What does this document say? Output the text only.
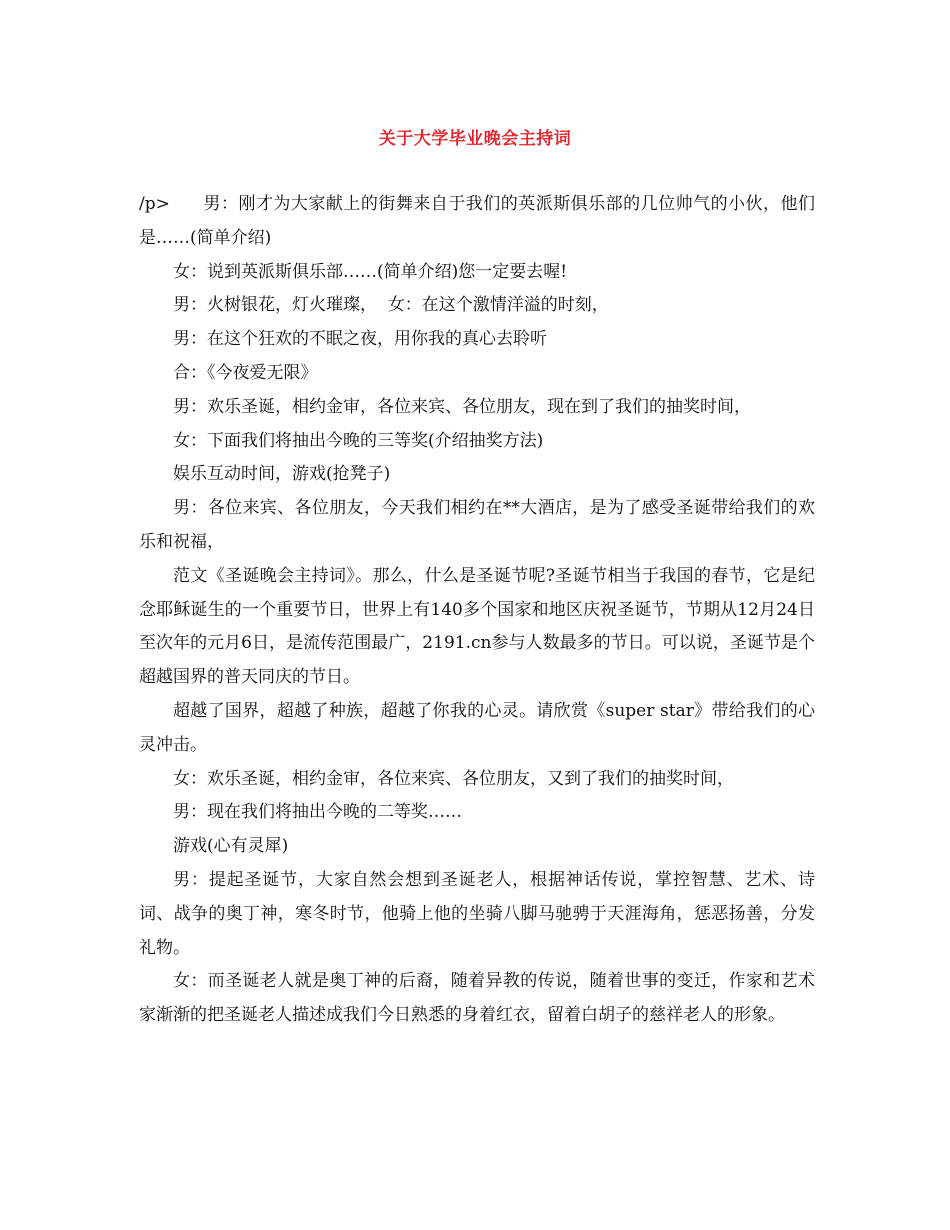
关于大学毕业晚会主持词

/p> 男：刚才为大家献上的街舞来自于我们的英派斯俱乐部的几位帅气的小伙，他们是……(简单介绍)

女：说到英派斯俱乐部……(简单介绍)您一定要去喔!

男：火树银花，灯火璀璨，  女：在这个激情洋溢的时刻，

男：在这个狂欢的不眠之夜，用你我的真心去聆听

合：《今夜爱无限》

男：欢乐圣诞，相约金审，各位来宾、各位朋友，现在到了我们的抽奖时间，

女：下面我们将抽出今晚的三等奖(介绍抽奖方法)

娱乐互动时间，游戏(抢凳子)

男：各位来宾、各位朋友，今天我们相约在**大酒店，是为了感受圣诞带给我们的欢乐和祝福，

范文《圣诞晚会主持词》。那么，什么是圣诞节呢?圣诞节相当于我国的春节，它是纪念耶稣诞生的一个重要节日，世界上有140多个国家和地区庆祝圣诞节，节期从12月24日至次年的元月6日，是流传范围最广，2191.cn参与人数最多的节日。可以说，圣诞节是个超越国界的普天同庆的节日。

超越了国界，超越了种族，超越了你我的心灵。请欣赏《super star》带给我们的心灵冲击。

女：欢乐圣诞，相约金审，各位来宾、各位朋友，又到了我们的抽奖时间，

男：现在我们将抽出今晚的二等奖……

游戏(心有灵犀)

男：提起圣诞节，大家自然会想到圣诞老人，根据神话传说，掌控智慧、艺术、诗词、战争的奥丁神，寒冬时节，他骑上他的坐骑八脚马驰骋于天涯海角，惩恶扬善，分发礼物。

女：而圣诞老人就是奥丁神的后裔，随着异教的传说，随着世事的变迁，作家和艺术家渐渐的把圣诞老人描述成我们今日熟悉的身着红衣，留着白胡子的慈祥老人的形象。
